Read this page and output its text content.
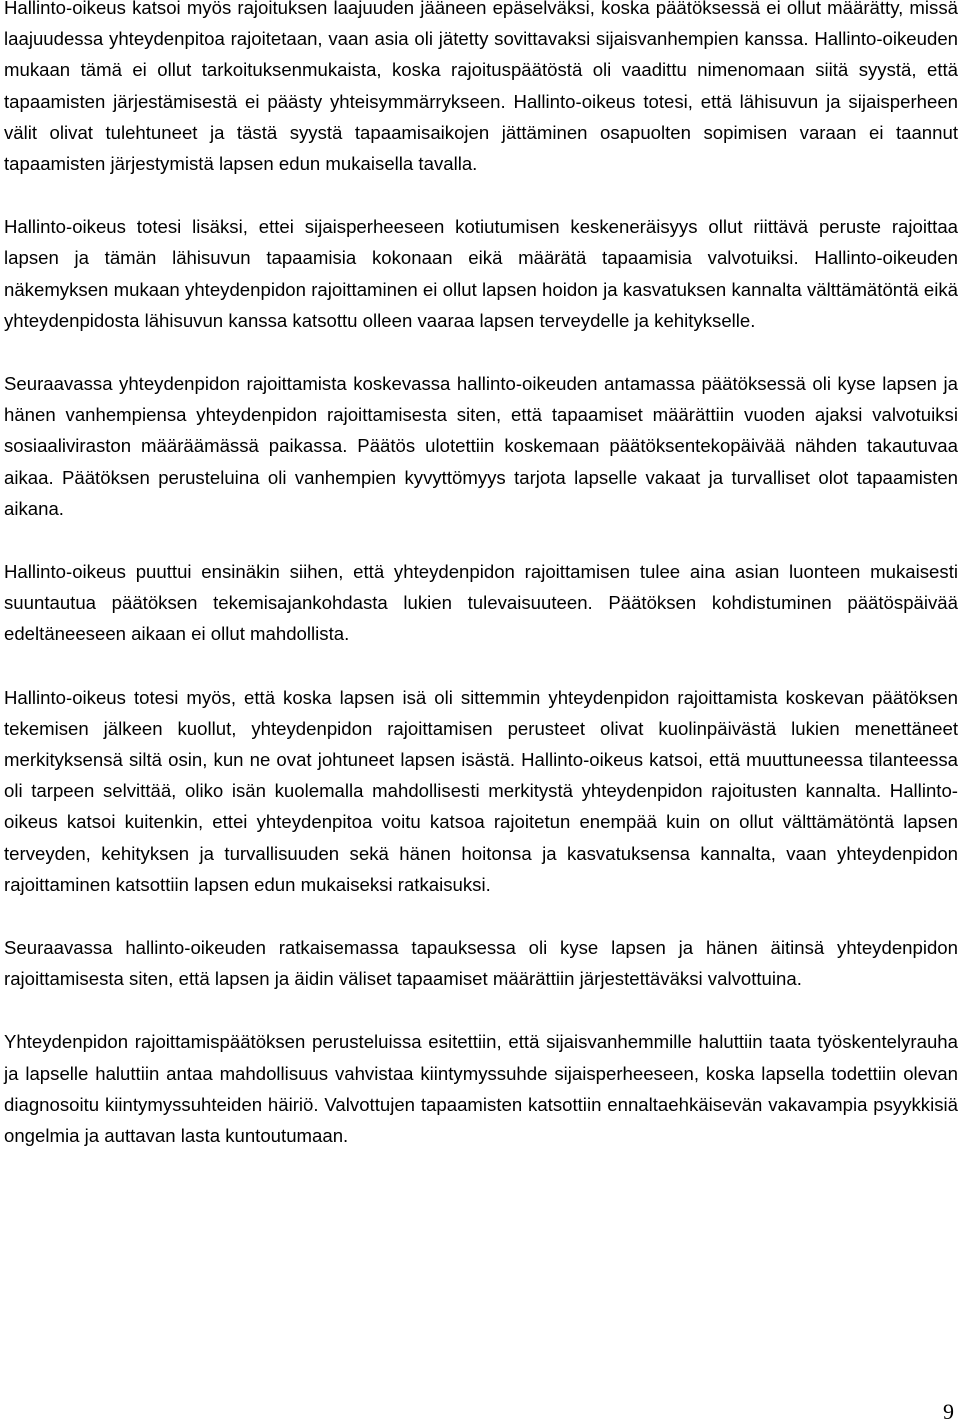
Hallinto-oikeus katsoi myös rajoituksen laajuuden jääneen epäselväksi, koska päätöksessä ei ollut määrätty, missä laajuudessa yhteydenpitoa rajoitetaan, vaan asia oli jätetty sovittavaksi sijaisvanhempien kanssa. Hallinto-oikeuden mukaan tämä ei ollut tarkoituksenmukaista, koska rajoituspäätöstä oli vaadittu nimenomaan siitä syystä, että tapaamisten järjestämisestä ei päästy yhteisymmärrykseen. Hallinto-oikeus totesi, että lähisuvun ja sijaisperheen välit olivat tulehtuneet ja tästä syystä tapaamisaikojen jättäminen osapuolten sopimisen varaan ei taannut tapaamisten järjestymistä lapsen edun mukaisella tavalla.

Hallinto-oikeus totesi lisäksi, ettei sijaisperheeseen kotiutumisen keskeneräisyys ollut riittävä peruste rajoittaa lapsen ja tämän lähisuvun tapaamisia kokonaan eikä määrätä tapaamisia valvotuiksi. Hallinto-oikeuden näkemyksen mukaan yhteydenpidon rajoittaminen ei ollut lapsen hoidon ja kasvatuksen kannalta välttämätöntä eikä yhteydenpidosta lähisuvun kanssa katsottu olleen vaaraa lapsen terveydelle ja kehitykselle.

Seuraavassa yhteydenpidon rajoittamista koskevassa hallinto-oikeuden antamassa päätöksessä oli kyse lapsen ja hänen vanhempiensa yhteydenpidon rajoittamisesta siten, että tapaamiset määrättiin vuoden ajaksi valvotuiksi sosiaaliviraston määräämässä paikassa. Päätös ulotettiin koskemaan päätöksentekopäivää nähden takautuvaa aikaa. Päätöksen perusteluina oli vanhempien kyvyttömyys tarjota lapselle vakaat ja turvalliset olot tapaamisten aikana.

Hallinto-oikeus puuttui ensinäkin siihen, että yhteydenpidon rajoittamisen tulee aina asian luonteen mukaisesti suuntautua päätöksen tekemisajankohdasta lukien tulevaisuuteen. Päätöksen kohdistuminen päätöspäivää edeltäneeseen aikaan ei ollut mahdollista.

Hallinto-oikeus totesi myös, että koska lapsen isä oli sittemmin yhteydenpidon rajoittamista koskevan päätöksen tekemisen jälkeen kuollut, yhteydenpidon rajoittamisen perusteet olivat kuolinpäivästä lukien menettäneet merkityksensä siltä osin, kun ne ovat johtuneet lapsen isästä. Hallinto-oikeus katsoi, että muuttuneessa tilanteessa oli tarpeen selvittää, oliko isän kuolemalla mahdollisesti merkitystä yhteydenpidon rajoitusten kannalta. Hallinto-oikeus katsoi kuitenkin, ettei yhteydenpitoa voitu katsoa rajoitetun enempää kuin on ollut välttämätöntä lapsen terveyden, kehityksen ja turvallisuuden sekä hänen hoitonsa ja kasvatuksensa kannalta, vaan yhteydenpidon rajoittaminen katsottiin lapsen edun mukaiseksi ratkaisuksi.

Seuraavassa hallinto-oikeuden ratkaisemassa tapauksessa oli kyse lapsen ja hänen äitinsä yhteydenpidon rajoittamisesta siten, että lapsen ja äidin väliset tapaamiset määrättiin järjestettäväksi valvottuina.

Yhteydenpidon rajoittamispäätöksen perusteluissa esitettiin, että sijaisvanhemmille haluttiin taata työskentelyrauha ja lapselle haluttiin antaa mahdollisuus vahvistaa kiintymyssuhde sijaisperheeseen, koska lapsella todettiin olevan diagnosoitu kiintymyssuhteiden häiriö. Valvottujen tapaamisten katsottiin ennaltaehkäisevän vakavampia psyykkisiä ongelmia ja auttavan lasta kuntoutumaan.

9
